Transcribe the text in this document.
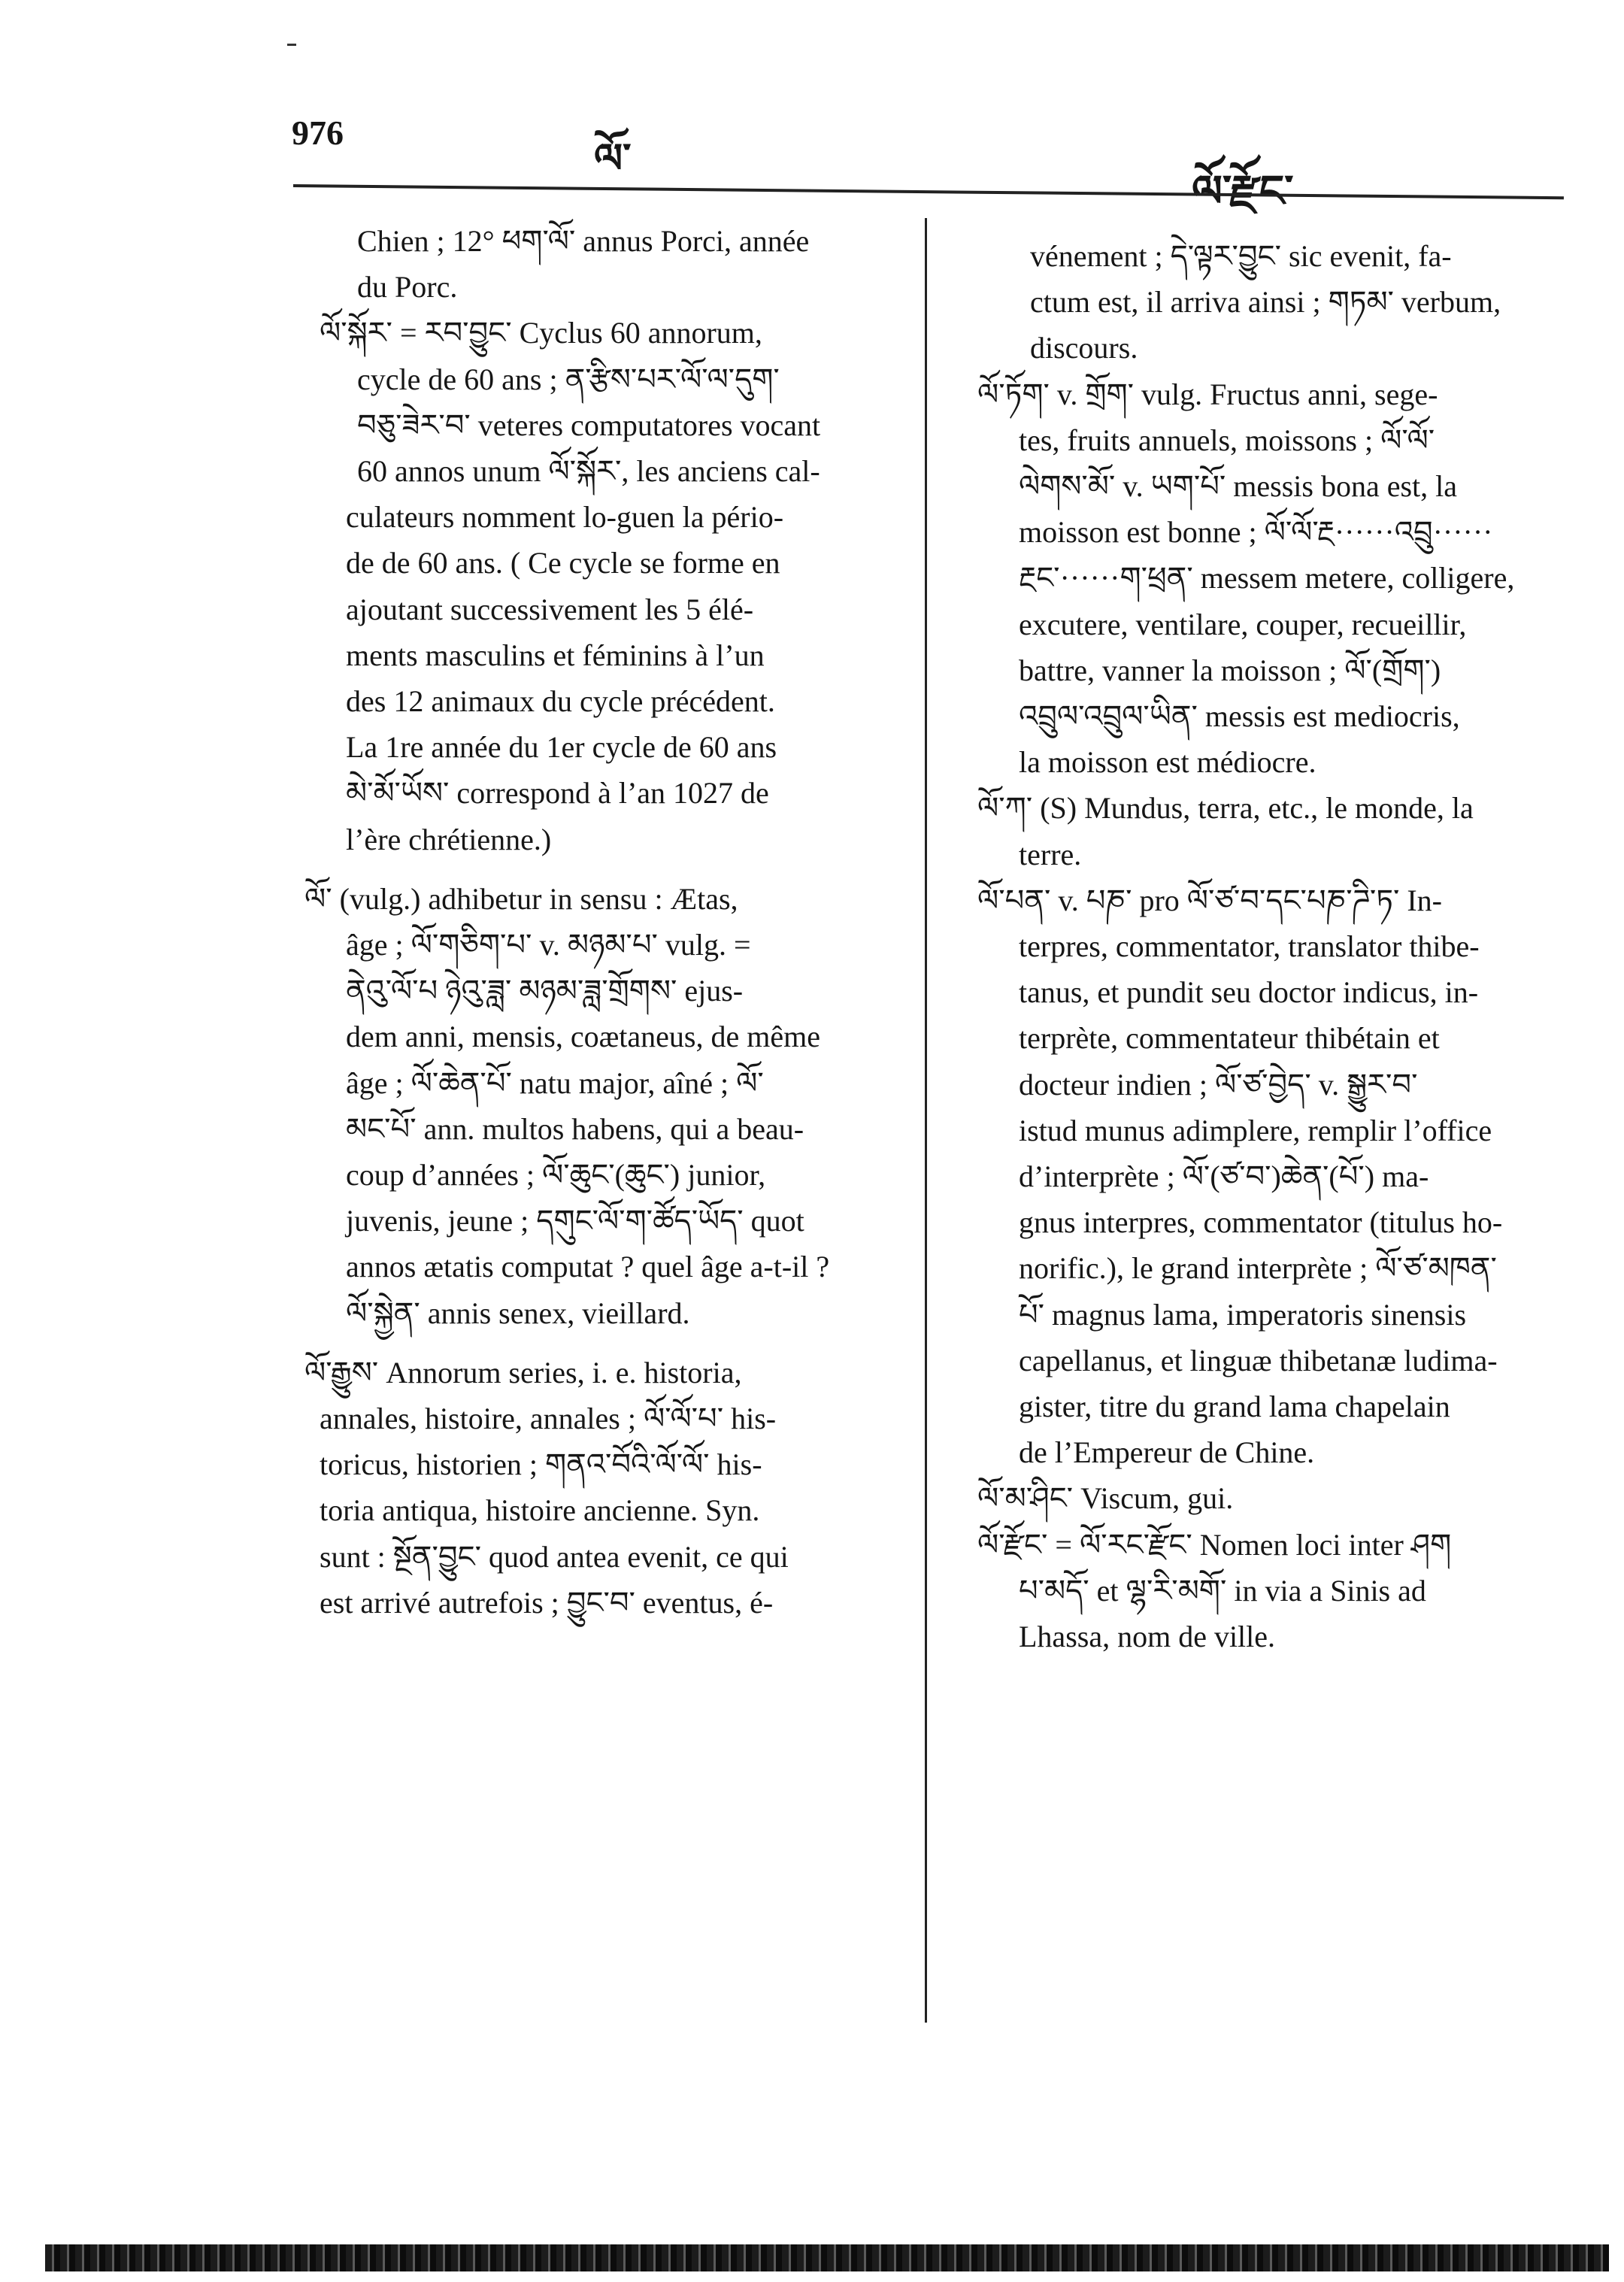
976
ལོ་
ལོ་རྫོང་

Chien ; 12° ཕག་ལོ་ annus Porci, année

du Porc.

ལོ་སྐོར་ = རབ་བྱུང་ Cyclus 60 annorum,

cycle de 60 ans ; ན་རྩིས་པར་ལོ་ལ་དུག་

བཅུ་ཟེར་བ་ veteres computatores vocant

60 annos unum ལོ་སྐོར་, les anciens cal-

culateurs nomment lo-guen la pério-

de de 60 ans. ( Ce cycle se forme en

ajoutant successivement les 5 élé-

ments masculins et féminins à l’un

des 12 animaux du cycle précédent.

La 1re année du 1er cycle de 60 ans

མེ་མོ་ཡོས་ correspond à l’an 1027 de

l’ère chrétienne.)

ལོ་ (vulg.) adhibetur in sensu : Ætas,

âge ; ལོ་གཅིག་པ་ v. མཉམ་པ་ vulg. =

ནེའུ་ལོ་པ ཉེའུ་ཟླ་ མཉམ་ཟླ་གྲོགས་ ejus-

dem anni, mensis, coætaneus, de même

âge ; ལོ་ཆེན་པོ་ natu major, aîné ; ལོ་

མང་པོ་ ann. multos habens, qui a beau-

coup d’années ; ལོ་ཆུང་(ཆུང་) junior,

juvenis, jeune ; དགུང་ལོ་ག་ཚོད་ཡོད་ quot

annos ætatis computat ? quel âge a-t-il ?

ལོ་སྐྱེན་ annis senex, vieillard.

ལོ་རྒྱུས་ Annorum series, i. e. historia,

annales, histoire, annales ; ལོ་ལོ་པ་ his-

toricus, historien ; གནའ་བོའི་ལོ་ལོ་ his-

toria antiqua, histoire ancienne. Syn.

sunt : སྔོན་བྱུང་ quod antea evenit, ce qui

est arrivé autrefois ; བྱུང་བ་ eventus, é-

vénement ; དེ་ལྟར་བྱུང་ sic evenit, fa-

ctum est, il arriva ainsi ; གཏམ་ verbum,

discours.

ལོ་ཏོག་ v. གྲོག་ vulg. Fructus anni, sege-

tes, fruits annuels, moissons ; ལོ་ལོ་

ལེགས་མོ་ v. ཡག་པོ་ messis bona est, la

moisson est bonne ; ལོ་ལོ་རྔ······འབྲུ······

རྔང་······ག་ཕྲན་ messem metere, colligere,

excutere, ventilare, couper, recueillir,

battre, vanner la moisson ; ལོ་(གྲོག་)

འབྲུལ་འབྲུལ་ཡིན་ messis est mediocris,

la moisson est médiocre.

ལོ་ཀ་ (S) Mundus, terra, etc., le monde, la

terre.

ལོ་པན་ v. པཎ་ pro ལོ་ཙ་བ་དང་པཎ་ཌི་ཏ་ In-

terpres, commentator, translator thibe-

tanus, et pundit seu doctor indicus, in-

terprète, commentateur thibétain et

docteur indien ; ལོ་ཙ་བྱེད་ v. སྒྱུར་བ་

istud munus adimplere, remplir l’office

d’interprète ; ལོ་(ཙ་བ་)ཆེན་(པོ་) ma-

gnus interpres, commentator (titulus ho-

norific.), le grand interprète ; ལོ་ཙ་མཁན་

པོ་ magnus lama, imperatoris sinensis

capellanus, et linguæ thibetanæ ludima-

gister, titre du grand lama chapelain

de l’Empereur de Chine.

ལོ་མ་ཤིང་ Viscum, gui.

ལོ་རྫོང་ = ལོ་རང་རྫོང་ Nomen loci inter ཤག

པ་མདོ་ et ལྷ་རི་མགོ་ in via a Sinis ad

Lhassa, nom de ville.
